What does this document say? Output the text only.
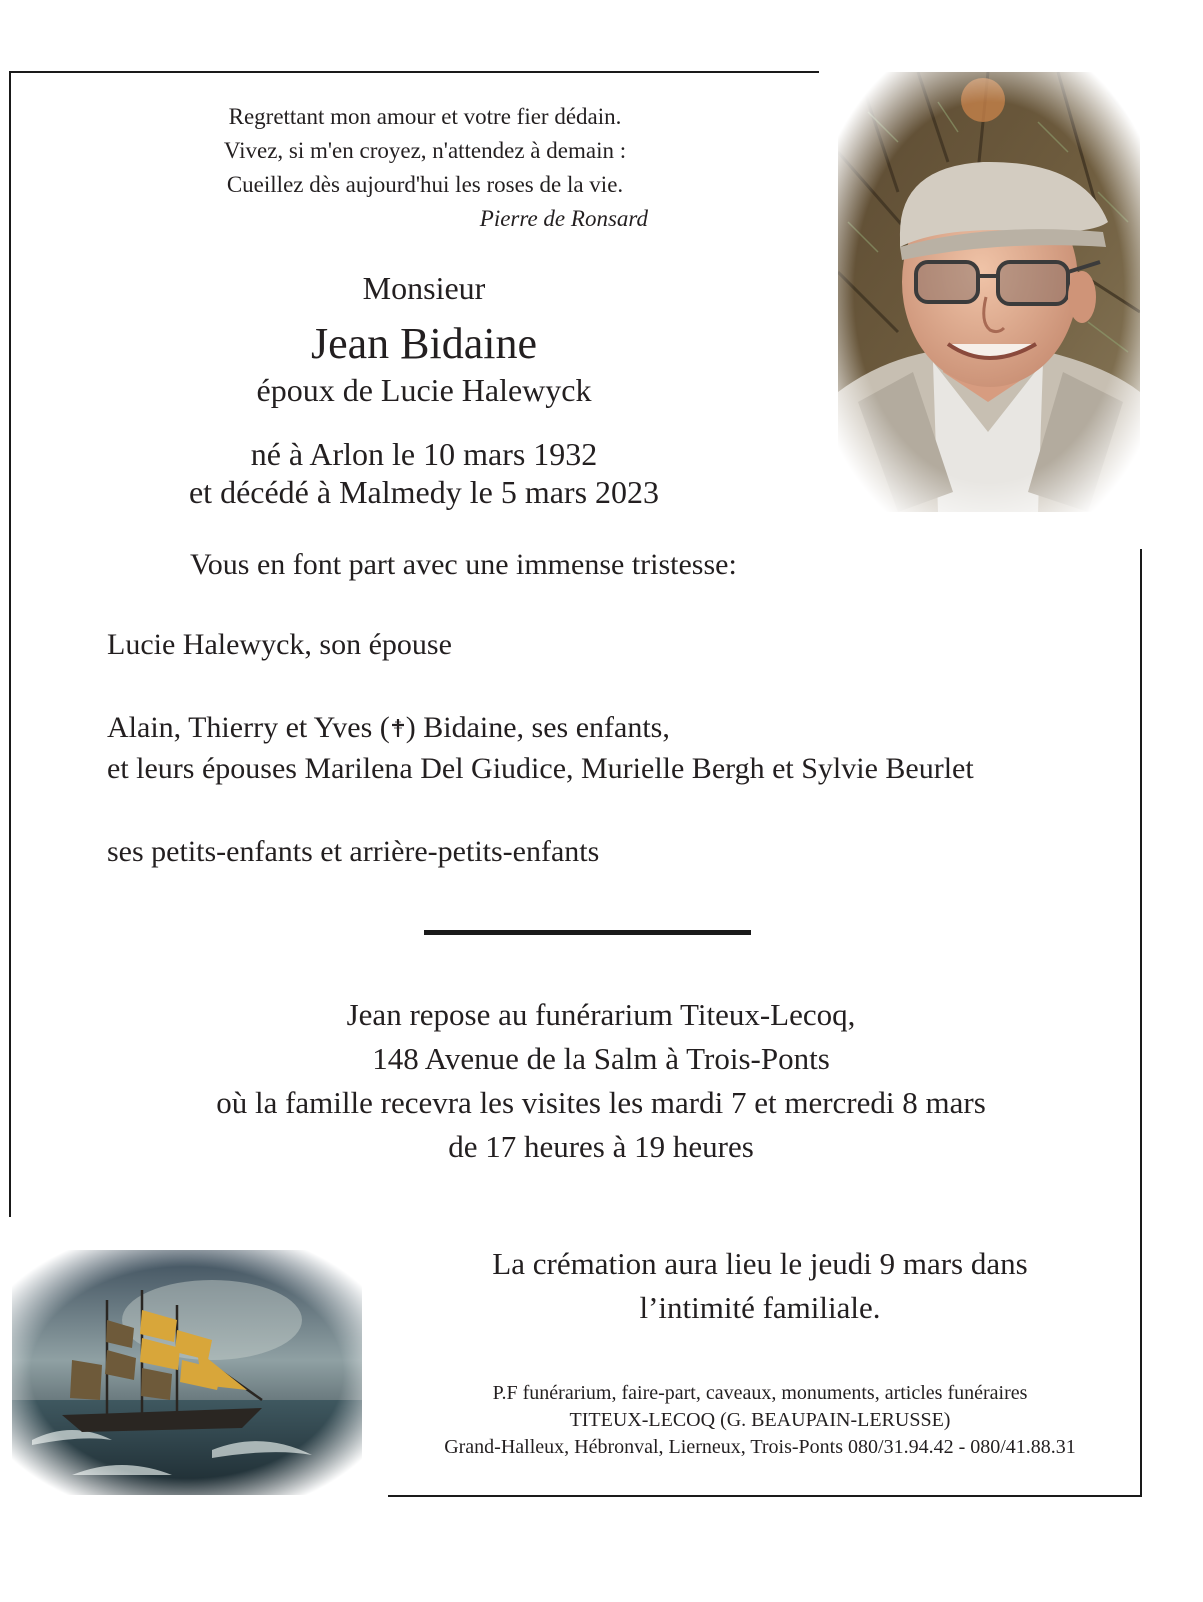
Regrettant mon amour et votre fier dédain.
Vivez, si m'en croyez, n'attendez à demain :
Cueillez dès aujourd'hui les roses de la vie.
Pierre de Ronsard
Monsieur
Jean Bidaine
époux de Lucie Halewyck
né à Arlon le 10 mars 1932
et décédé à Malmedy le 5 mars 2023
Vous en font part avec une immense tristesse:
Lucie Halewyck, son épouse
Alain, Thierry et Yves ( ) Bidaine, ses enfants,
et leurs épouses Marilena Del Giudice, Murielle Bergh et Sylvie Beurlet
ses petits-enfants et arrière-petits-enfants
Jean repose au funérarium Titeux-Lecoq,
148 Avenue de la Salm à Trois-Ponts
où la famille recevra les visites les mardi 7 et mercredi 8 mars
de 17 heures à 19 heures
La crémation aura lieu le jeudi 9 mars dans
l’intimité familiale.
P.F funérarium, faire-part, caveaux, monuments, articles funéraires
TITEUX-LECOQ (G. BEAUPAIN-LERUSSE)
Grand-Halleux, Hébronval, Lierneux, Trois-Ponts 080/31.94.42 - 080/41.88.31
